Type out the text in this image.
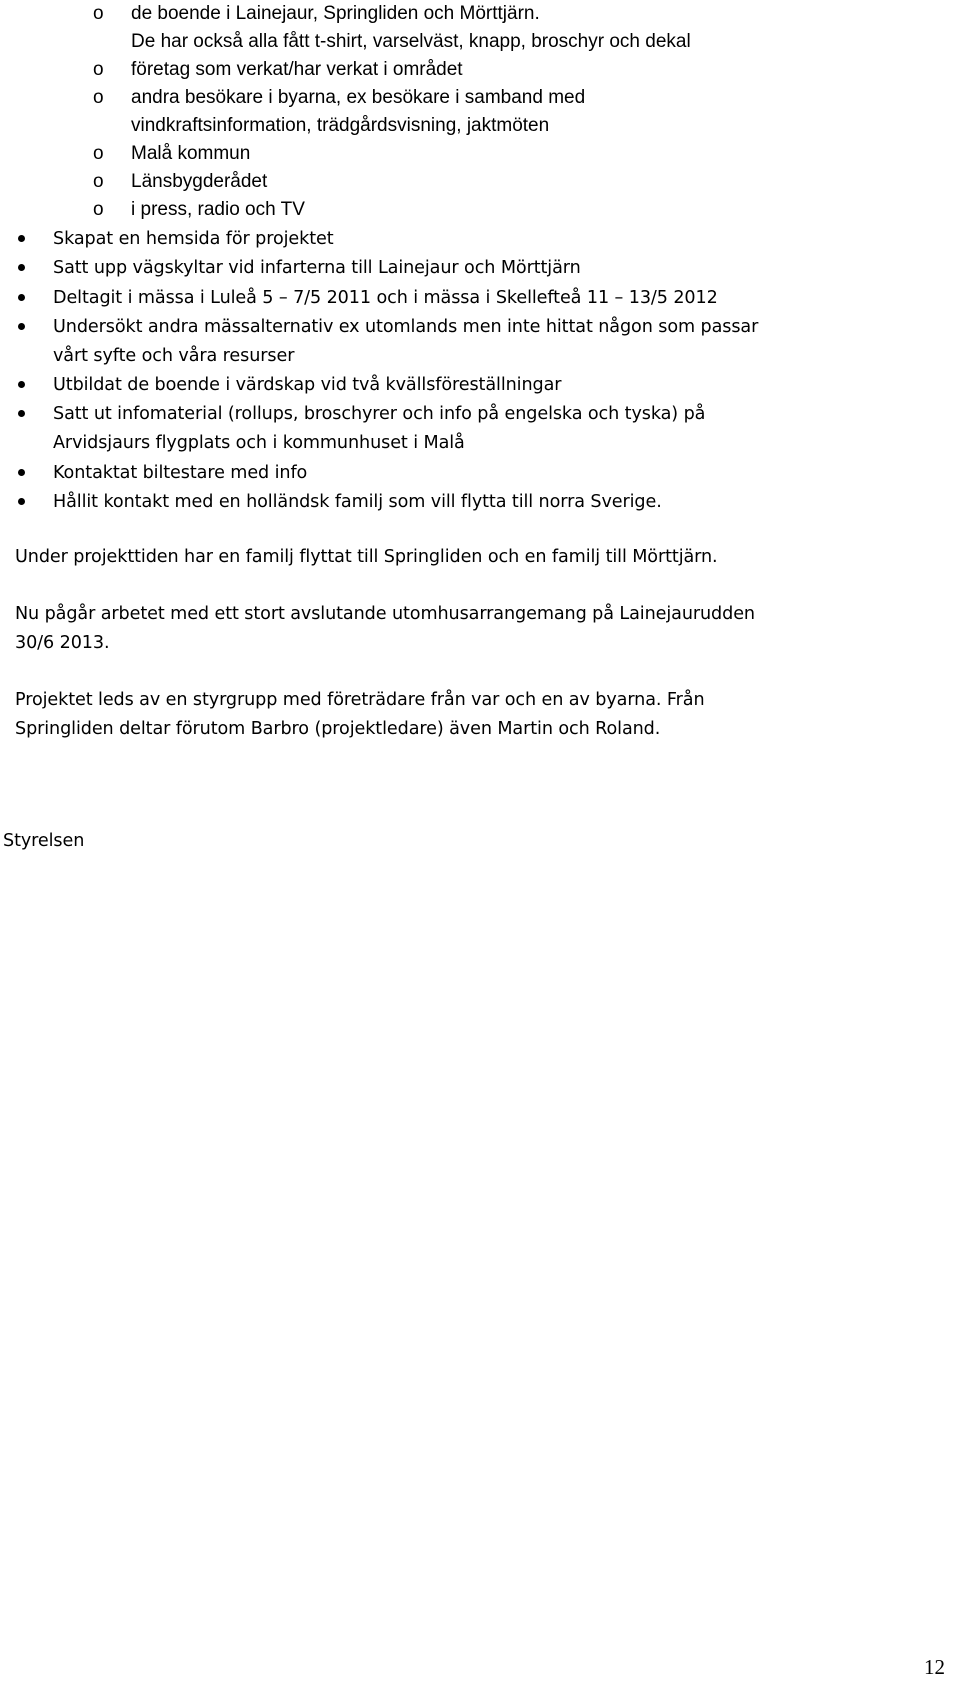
o de boende i Lainejaur, Springliden och Mörttjärn.
De har också alla fått t-shirt, varselväst, knapp, broschyr och dekal
o företag som verkat/har verkat i området
o andra besökare i byarna, ex besökare i samband med
vindkraftsinformation, trädgårdsvisning, jaktmöten
o Malå kommun
o Länsbygderådet
o i press, radio och TV
Skapat en hemsida för projektet
Satt upp vägskyltar vid infarterna till Lainejaur och Mörttjärn
Deltagit i mässa i Luleå 5 – 7/5 2011 och i mässa i Skellefteå 11 – 13/5 2012
Undersökt andra mässalternativ ex utomlands men inte hittat någon som passar
vårt syfte och våra resurser
Utbildat de boende i värdskap vid två kvällsföreställningar
Satt ut infomaterial (rollups, broschyrer och info på engelska och tyska) på
Arvidsjaurs flygplats och i kommunhuset i Malå
Kontaktat biltestare med info
Hållit kontakt med en holländsk familj som vill flytta till norra Sverige.
Under projekttiden har en familj flyttat till Springliden och en familj till Mörttjärn.
Nu pågår arbetet med ett stort avslutande utomhusarrangemang på Lainejaurudden
30/6 2013.
Projektet leds av en styrgrupp med företrädare från var och en av byarna. Från
Springliden deltar förutom Barbro (projektledare) även Martin och Roland.
Styrelsen
12
